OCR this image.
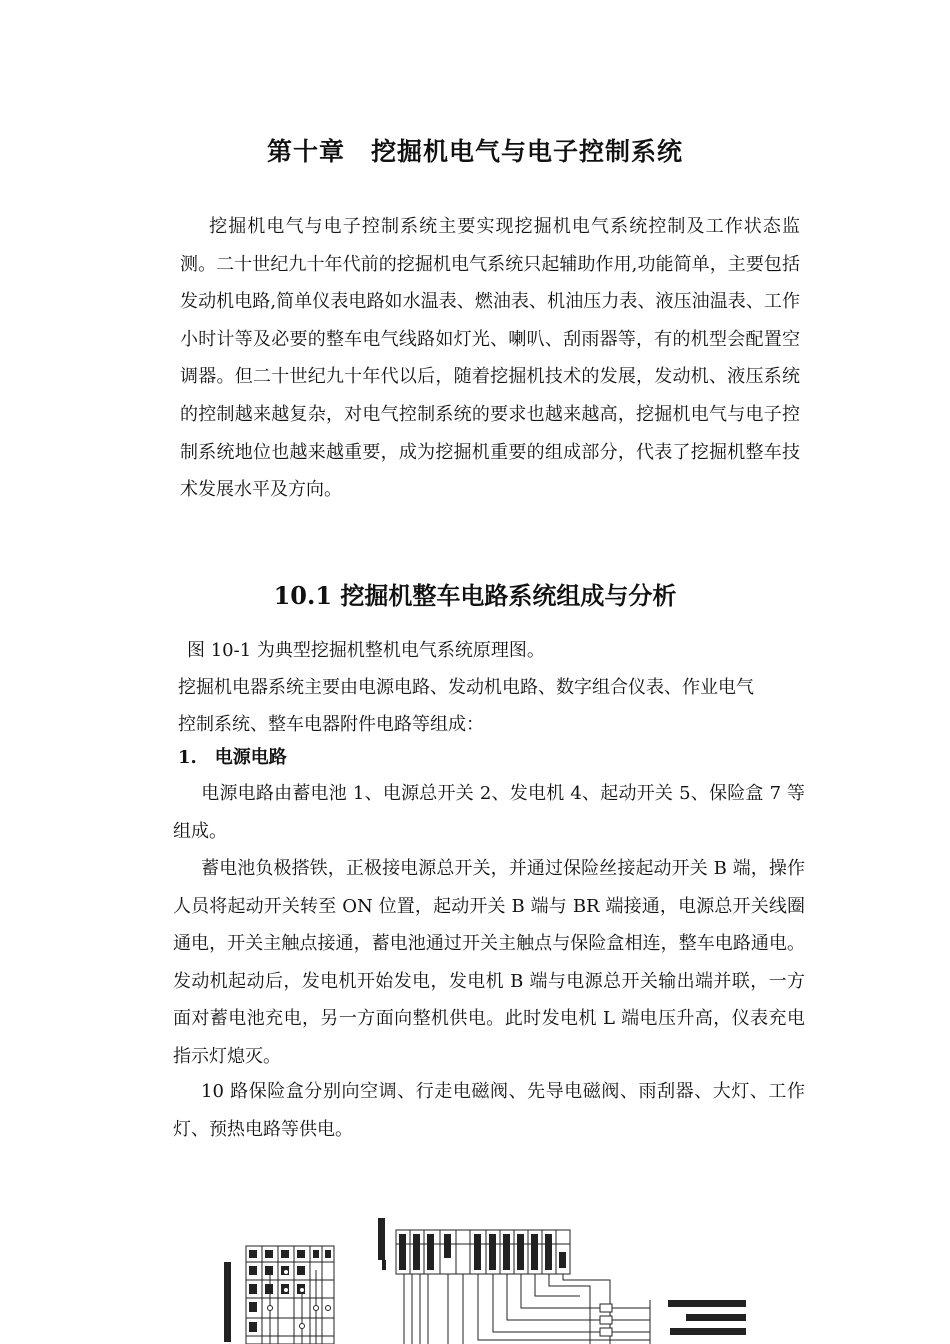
第十章　挖掘机电气与电子控制系统
挖掘机电气与电子控制系统主要实现挖掘机电气系统控制及工作状态监测。二十世纪九十年代前的挖掘机电气系统只起辅助作用,功能简单，主要包括发动机电路,简单仪表电路如水温表、燃油表、机油压力表、液压油温表、工作小时计等及必要的整车电气线路如灯光、喇叭、刮雨器等，有的机型会配置空调器。但二十世纪九十年代以后，随着挖掘机技术的发展，发动机、液压系统的控制越来越复杂，对电气控制系统的要求也越来越高，挖掘机电气与电子控制系统地位也越来越重要，成为挖掘机重要的组成部分，代表了挖掘机整车技术发展水平及方向。
10.1 挖掘机整车电路系统组成与分析
图 10-1 为典型挖掘机整机电气系统原理图。
挖掘机电器系统主要由电源电路、发动机电路、数字组合仪表、作业电气
控制系统、整车电器附件电路等组成：
1.　电源电路
电源电路由蓄电池 1、电源总开关 2、发电机 4、起动开关 5、保险盒 7 等组成。
蓄电池负极搭铁，正极接电源总开关，并通过保险丝接起动开关 B 端，操作人员将起动开关转至 ON 位置，起动开关 B 端与 BR 端接通，电源总开关线圈通电，开关主触点接通，蓄电池通过开关主触点与保险盒相连，整车电路通电。发动机起动后，发电机开始发电，发电机 B 端与电源总开关输出端并联，一方面对蓄电池充电，另一方面向整机供电。此时发电机 L 端电压升高，仪表充电指示灯熄灭。
10 路保险盒分别向空调、行走电磁阀、先导电磁阀、雨刮器、大灯、工作灯、预热电路等供电。
